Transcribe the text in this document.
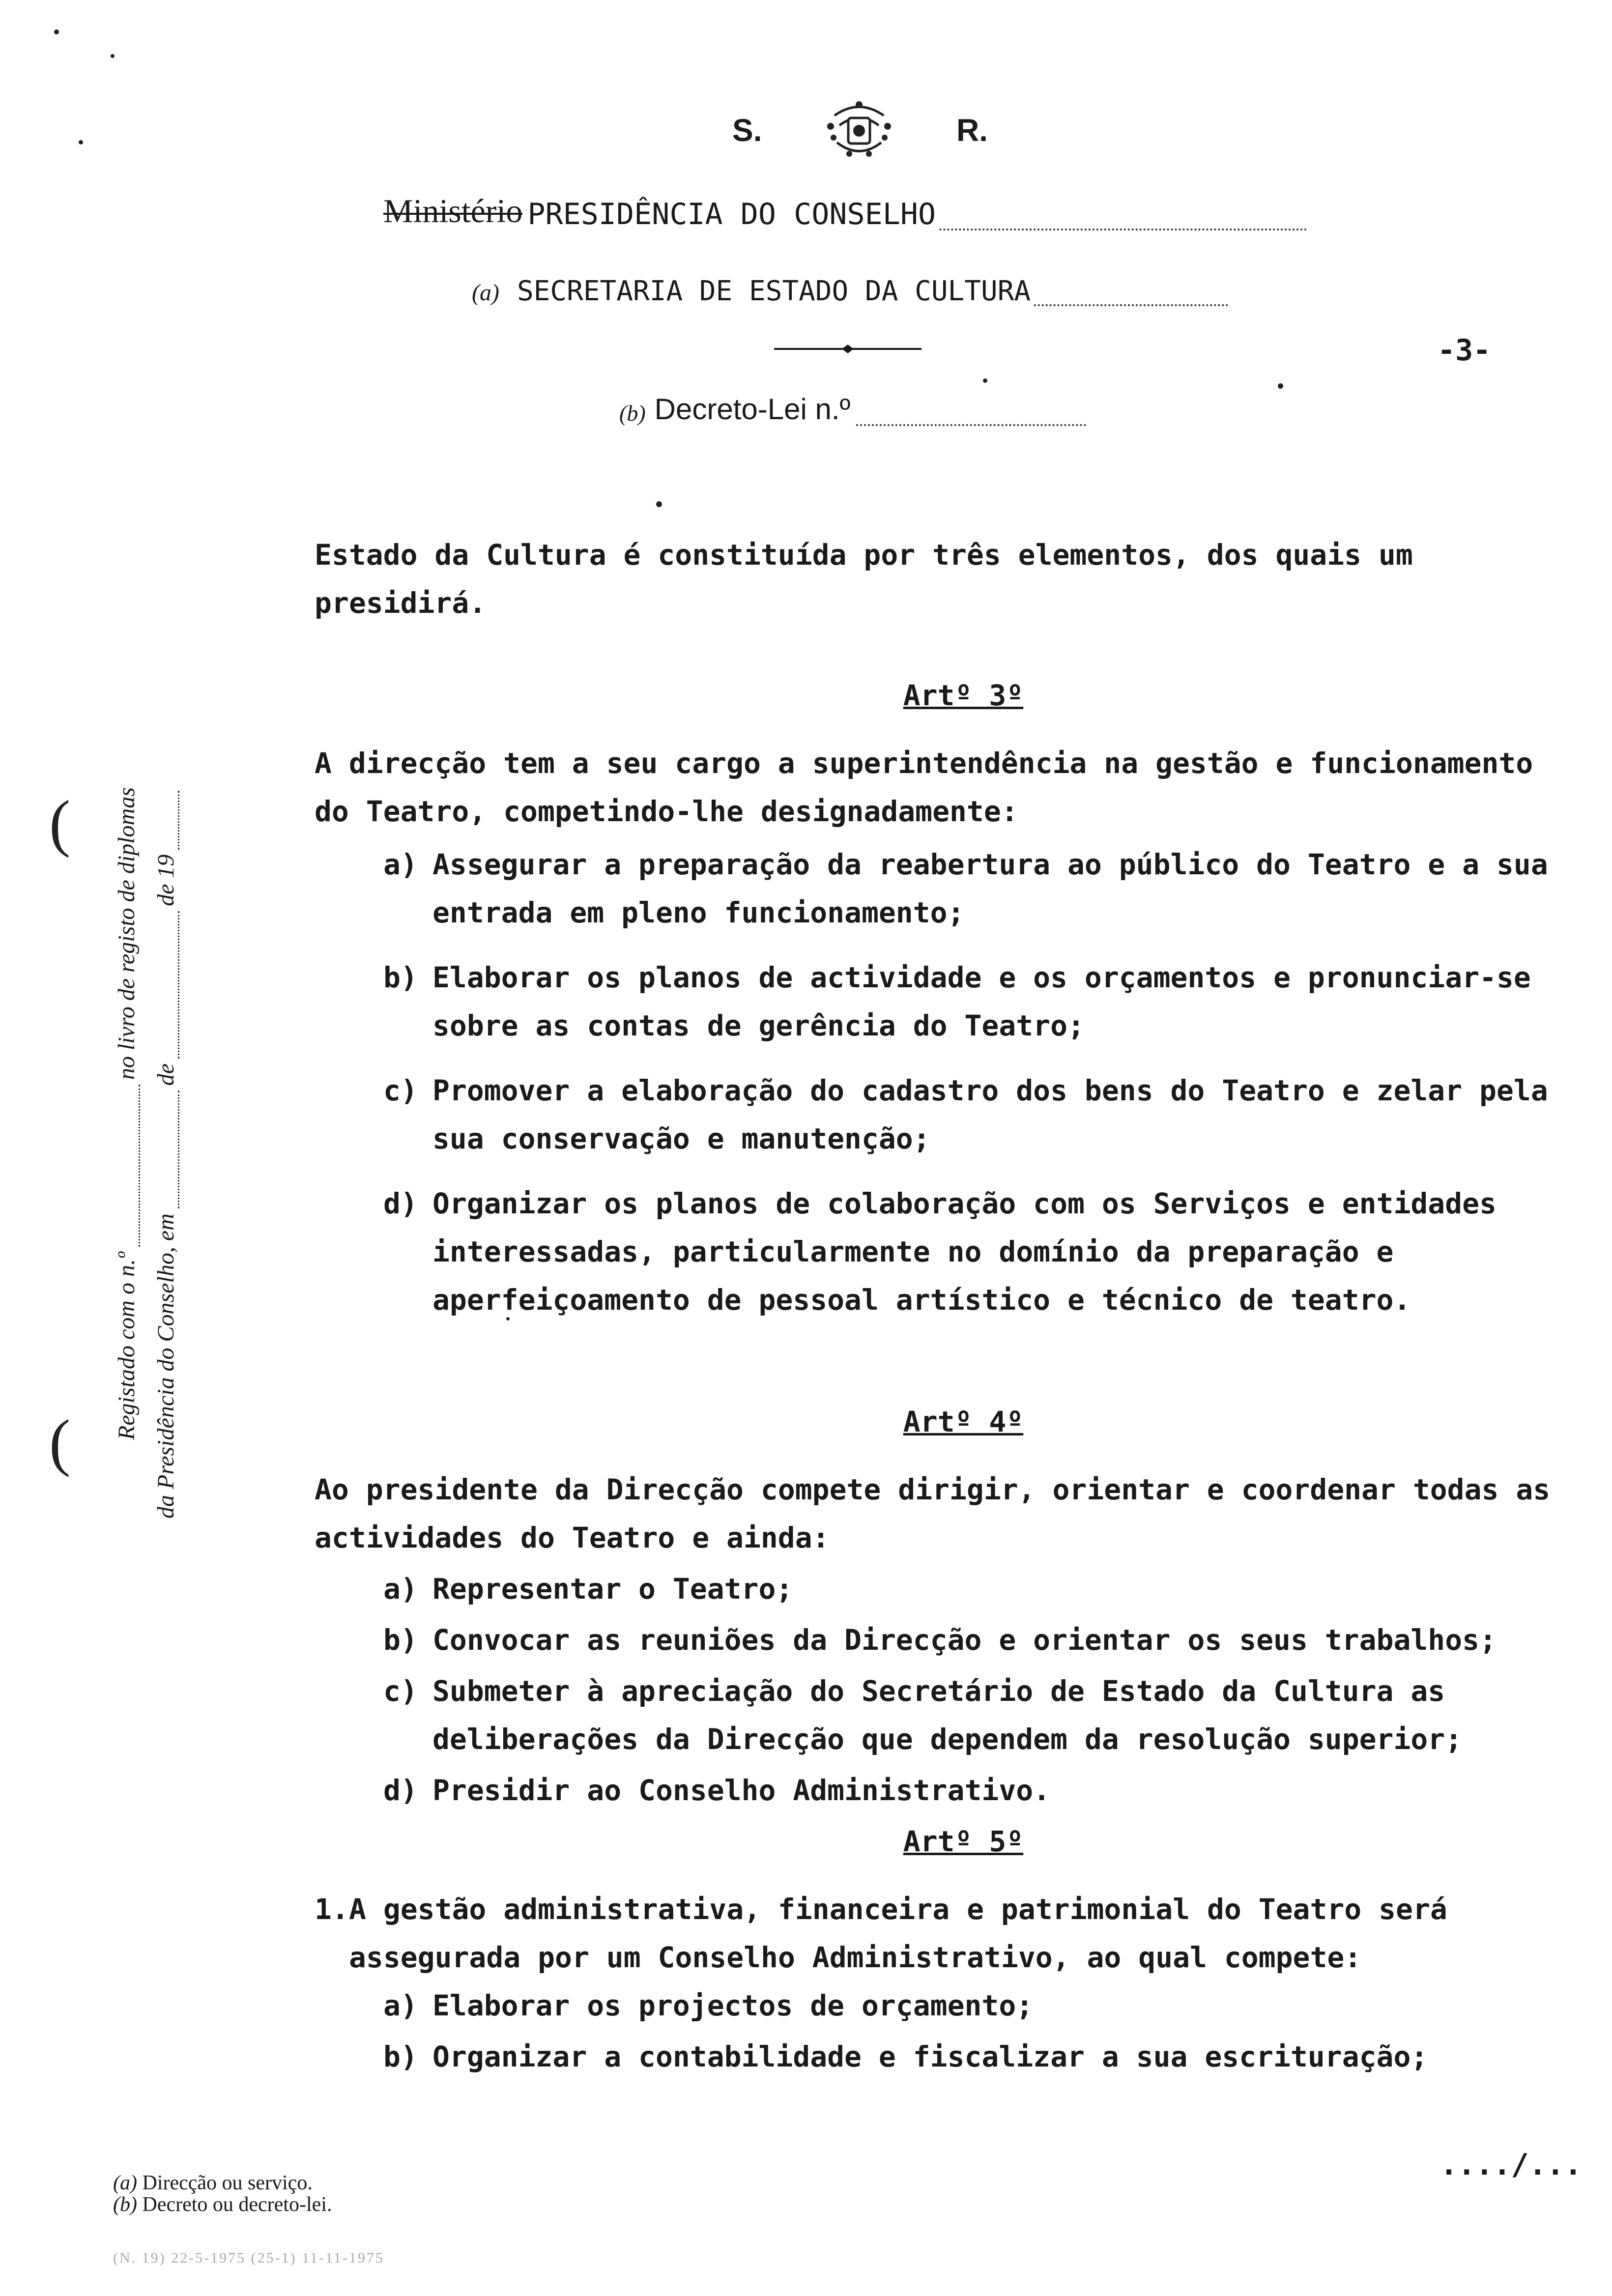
S.	R.
Ministério PRESIDÊNCIA DO CONSELHO
(a) SECRETARIA DE ESTADO DA CULTURA
-3-
(b) Decreto-Lei n.º
Registado com o n.º
no livro de registo de diplomas
da Presidência do Conselho, em
de
de 19
(
(

Estado da Cultura é constituída por três elementos, dos quais um presidirá.

Artº 3º

A direcção tem a seu cargo a superintendência na gestão e funcionamento do Teatro, competindo-lhe designadamente:

a) Assegurar a preparação da reabertura ao público do Teatro e a sua entrada em pleno funcionamento;
b) Elaborar os planos de actividade e os orçamentos e pronunciar-se sobre as contas de gerência do Teatro;
c) Promover a elaboração do cadastro dos bens do Teatro e zelar pela sua conservação e manutenção;
d) Organizar os planos de colaboração com os Serviços e entidades interessadas, particularmente no domínio da preparação e aperfeiçoamento de pessoal artístico e técnico de teatro.

Artº 4º

Ao presidente da Direcção compete dirigir, orientar e coordenar todas as actividades do Teatro e ainda:

a) Representar o Teatro;
b) Convocar as reuniões da Direcção e orientar os seus trabalhos;
c) Submeter à apreciação do Secretário de Estado da Cultura as deliberações da Direcção que dependem da resolução superior;
d) Presidir ao Conselho Administrativo.

Artº 5º

1. A gestão administrativa, financeira e patrimonial do Teatro será assegurada por um Conselho Administrativo, ao qual compete:
a) Elaborar os projectos de orçamento;
b) Organizar a contabilidade e fiscalizar a sua escrituração;
..../...
(a) Direcção ou serviço.
(b) Decreto ou decreto-lei.
(N. 19) 22-5-1975 (25-1) 11-11-1975
